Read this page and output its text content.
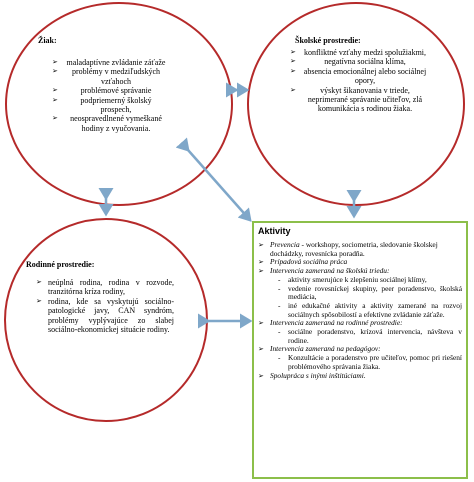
Žiak:
➢ maladaptívne zvládanie záťaže
➢ problémy v medziľudských vzťahoch
➢	problémové správanie
➢	podpriemerný školský prospech,
➢ neospravedlnené vymeškané hodiny z vyučovania.
Školské prostredie:
➢ konfliktné vzťahy medzi spolužiakmi,
➢	negatívna sociálna klíma,
➢ absencia emocionálnej alebo sociálnej opory,
➢	výskyt šikanovania v triede, neprimerané správanie učiteľov, zlá komunikácia s rodinou žiaka.
Rodinné prostredie:
➢ neúplná rodina, rodina v rozvode, tranzitórna kríza rodiny,
➢ rodina, kde sa vyskytujú sociálno-patologické javy, CAN syndróm, problémy vyplývajúce zo slabej sociálno-ekonomickej situácie rodiny.
Aktivity
➢ Prevencia - workshopy, sociometria, sledovanie školskej dochádzky, rovesnícka poradňa.
➢ Prípadová sociálna práca
➢ Intervencia zameraná na školskú triedu:
- aktivity smerujúce k zlepšeniu sociálnej klímy,
- vedenie rovesníckej skupiny, peer poradenstvo, školská mediácia,
- iné edukačné aktivity a aktivity zamerané na rozvoj sociálnych spôsobilostí a efektívne zvládanie záťaže.
➢ Intervencia zameraná na rodinné prostredie:
- sociálne poradenstvo, krízová intervencia, návšteva v rodine.
➢ Intervencia zameraná na pedagógov:
- Konzultácie a poradenstvo pre učiteľov, pomoc pri riešení problémového správania žiaka.
➢ Spolupráca s inými inštitúciami.
